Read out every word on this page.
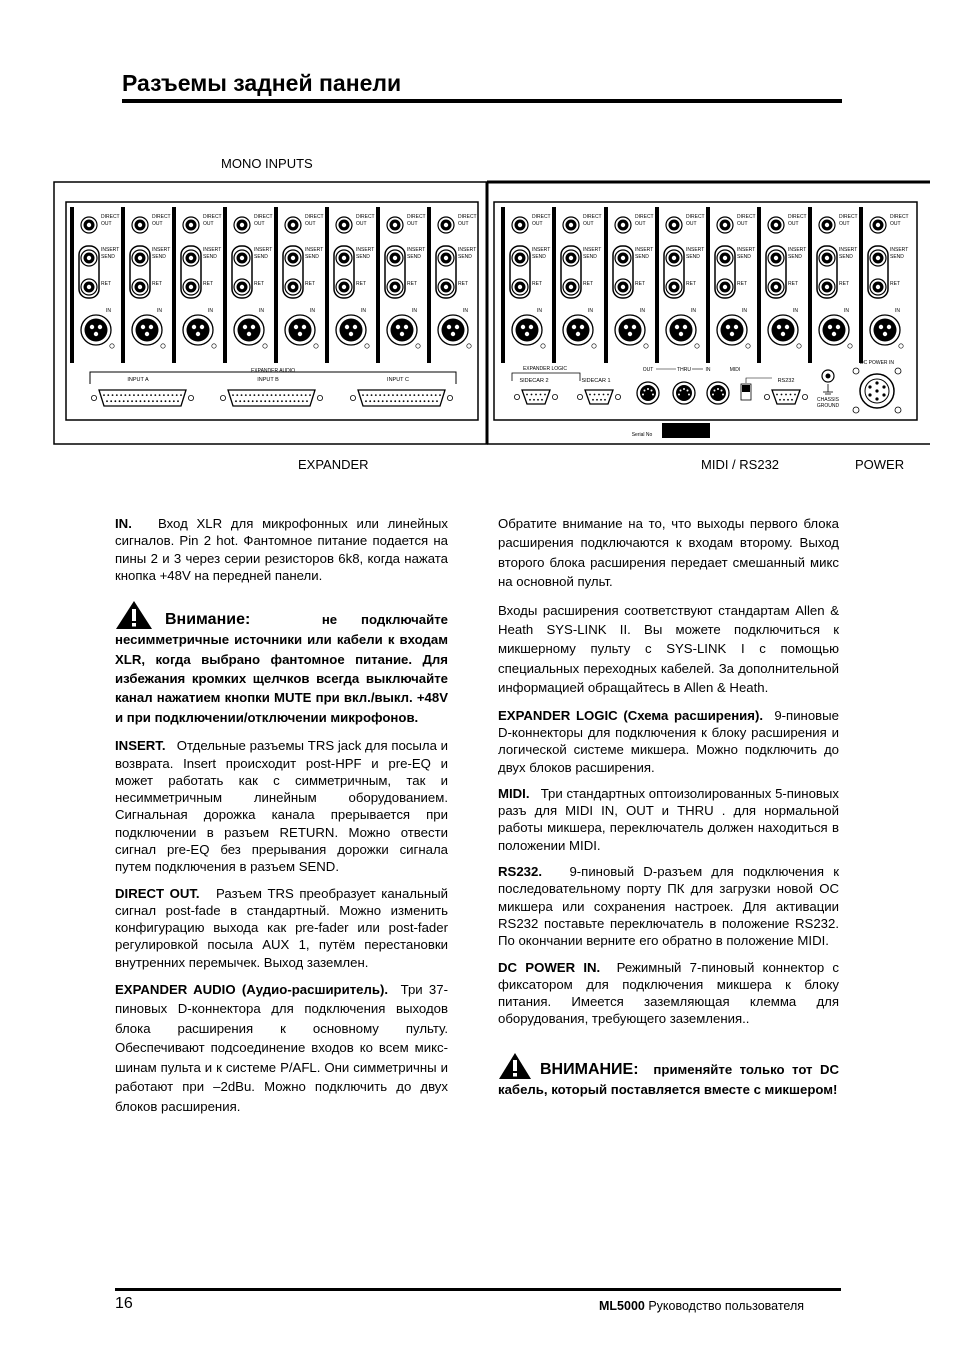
Разъемы задней панели
MONO INPUTS
DIRECT
OUT
INSERT
SEND
RET
IN
DIRECT
OUT
INSERT
SEND
RET
IN
DIRECT
OUT
INSERT
SEND
RET
IN
DIRECT
OUT
INSERT
SEND
RET
IN
DIRECT
OUT
INSERT
SEND
RET
IN
DIRECT
OUT
INSERT
SEND
RET
IN
DIRECT
OUT
INSERT
SEND
RET
IN
DIRECT
OUT
INSERT
SEND
RET
IN
DIRECT
OUT
INSERT
SEND
RET
IN
DIRECT
OUT
INSERT
SEND
RET
IN
DIRECT
OUT
INSERT
SEND
RET
IN
DIRECT
OUT
INSERT
SEND
RET
IN
DIRECT
OUT
INSERT
SEND
RET
IN
DIRECT
OUT
INSERT
SEND
RET
IN
DIRECT
OUT
INSERT
SEND
RET
IN
DIRECT
OUT
INSERT
SEND
RET
IN
EXPANDER AUDIO
INPUT A	INPUT B	INPUT C
EXPANDER LOGIC
SIDECAR 2	SIDECAR 1
OUT	THRU	IN	MIDI
RS232
CHASSIS
GROUND
DC POWER IN
Serial No
EXPANDER	MIDI / RS232	POWER

IN. Вход XLR для микрофонных или линейных сигналов. Pin 2 hot. Фантомное питание подается на пины 2 и 3 через серии резисторов 6k8, когда нажата кнопка +48V на передней панели.

Внимание:	не подключайте несимметричные источники или кабели к входам XLR, когда выбрано фантомное питание. Для избежания кромких щелчков всегда выключайте канал нажатием кнопки MUTE при вкл./выкл. +48V и при подключении/отключении микрофонов.

INSERT. Отдельные разъемы TRS jack для посыла и возврата. Insert происходит post-HPF и pre-EQ и может работать как с симметричным, так и несимметричным линейным оборудованием. Сигнальная дорожка канала прерывается при подключении в разъем RETURN. Можно отвести сигнал pre-EQ без прерывания дорожки сигнала путем подключения в разъем SEND.

DIRECT OUT. Разъем TRS преобразует канальный сигнал post-fade в стандартный. Можно изменить конфигурацию выхода как pre-fader или post-fader регулировкой посыла AUX 1, путём перестановки внутренних перемычек. Выход заземлен.

EXPANDER AUDIO (Аудио-расширитель). Три 37-пиновых D-коннектора для подключения выходов блока расширения к основному пульту. Обеспечивают подсоединение входов ко всем микс-шинам пульта и к системе P/AFL. Они симметричны и работают при –2dBu. Можно подключить до двух блоков расширения.

Обратите внимание на то, что выходы первого блока расширения подключаются к входам второму. Выход второго блока расширения передает смешанный микс на основной пульт.

Входы расширения соответствуют стандартам Allen & Heath SYS-LINK II. Вы можете подключиться к микшерному пульту с SYS-LINK I с помощью специальных переходных кабелей. За дополнительной информацией обращайтесь в Allen & Heath.

EXPANDER LOGIC (Схема расширения). 9-пиновые D-коннекторы для подключения к блоку расширения и логической системе микшера. Можно подключить до двух блоков расширения.

MIDI. Три стандартных оптоизолированных 5-пиновых разъ для MIDI IN, OUT и THRU . для нормальной работы микшера, переключатель должен находиться в положении MIDI.

RS232. 9-пиновый D-разъем для подключения к последовательному порту ПК для загрузки новой ОС микшера или сохранения настроек. Для активации RS232 поставьте переключатель в положение RS232. По окончании верните его обратно в положение MIDI.

DC POWER IN. Режимный 7-пиновый коннектор с фиксатором для подключения микшера к блоку питания. Имеется заземляющая клемма для оборудования, требующего заземления..

ВНИМАНИЕ: применяйте только тот DC кабель, который поставляется вместе с микшером!
16	ML5000 Руководство пользователя
